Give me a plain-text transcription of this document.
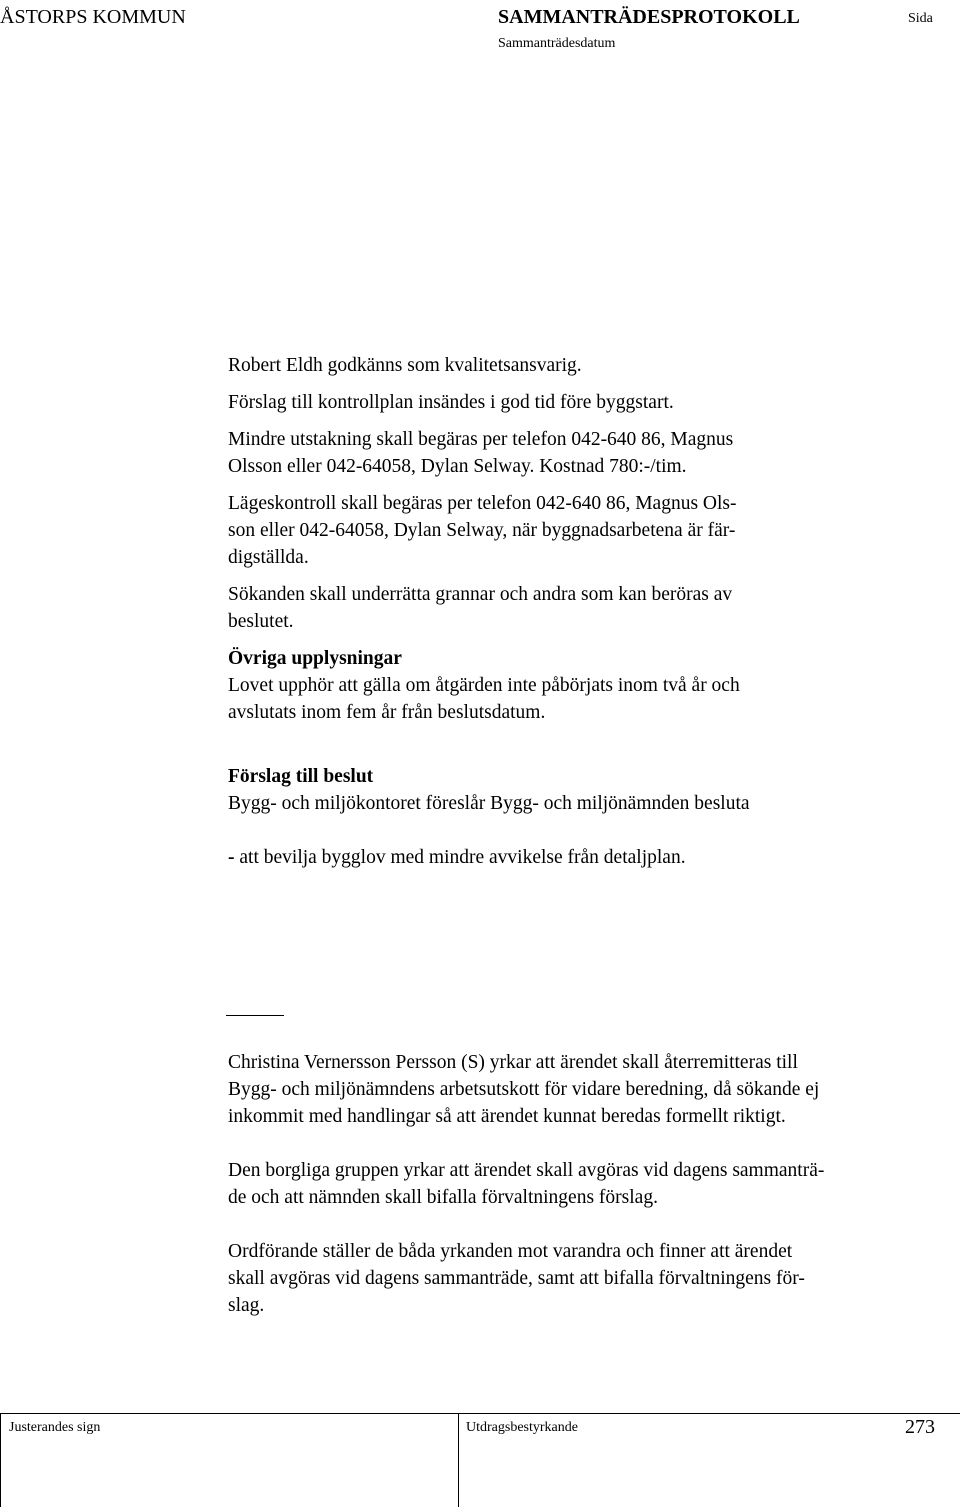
ÅSTORPS KOMMUN	SAMMANTRÄDESPROTOKOLL
Sammanträdesdatum
Sida

Robert Eldh godkänns som kvalitetsansvarig.

Förslag till kontrollplan insändes i god tid före byggstart.

Mindre utstakning skall begäras per telefon 042-640 86, Magnus
Olsson eller 042-64058, Dylan Selway. Kostnad 780:-/tim.

Lägeskontroll skall begäras per telefon 042-640 86, Magnus Ols-
son eller 042-64058, Dylan Selway, när byggnadsarbetena är fär-
digställda.

Sökanden skall underrätta grannar och andra som kan beröras av
beslutet.

Övriga upplysningar

Lovet upphör att gälla om åtgärden inte påbörjats inom två år och
avslutats inom fem år från beslutsdatum.

Förslag till beslut

Bygg- och miljökontoret föreslår Bygg- och miljönämnden besluta

- att bevilja bygglov med mindre avvikelse från detaljplan.

Christina Vernersson Persson (S) yrkar att ärendet skall återremitteras till
Bygg- och miljönämndens arbetsutskott för vidare beredning, då sökande ej
inkommit med handlingar så att ärendet kunnat beredas formellt riktigt.

Den borgliga gruppen yrkar att ärendet skall avgöras vid dagens sammanträ-
de och att nämnden skall bifalla förvaltningens förslag.

Ordförande ställer de båda yrkanden mot varandra och finner att ärendet
skall avgöras vid dagens sammanträde, samt att bifalla förvaltningens för-
slag.

Justerandes sign	Utdragsbestyrkande	273
